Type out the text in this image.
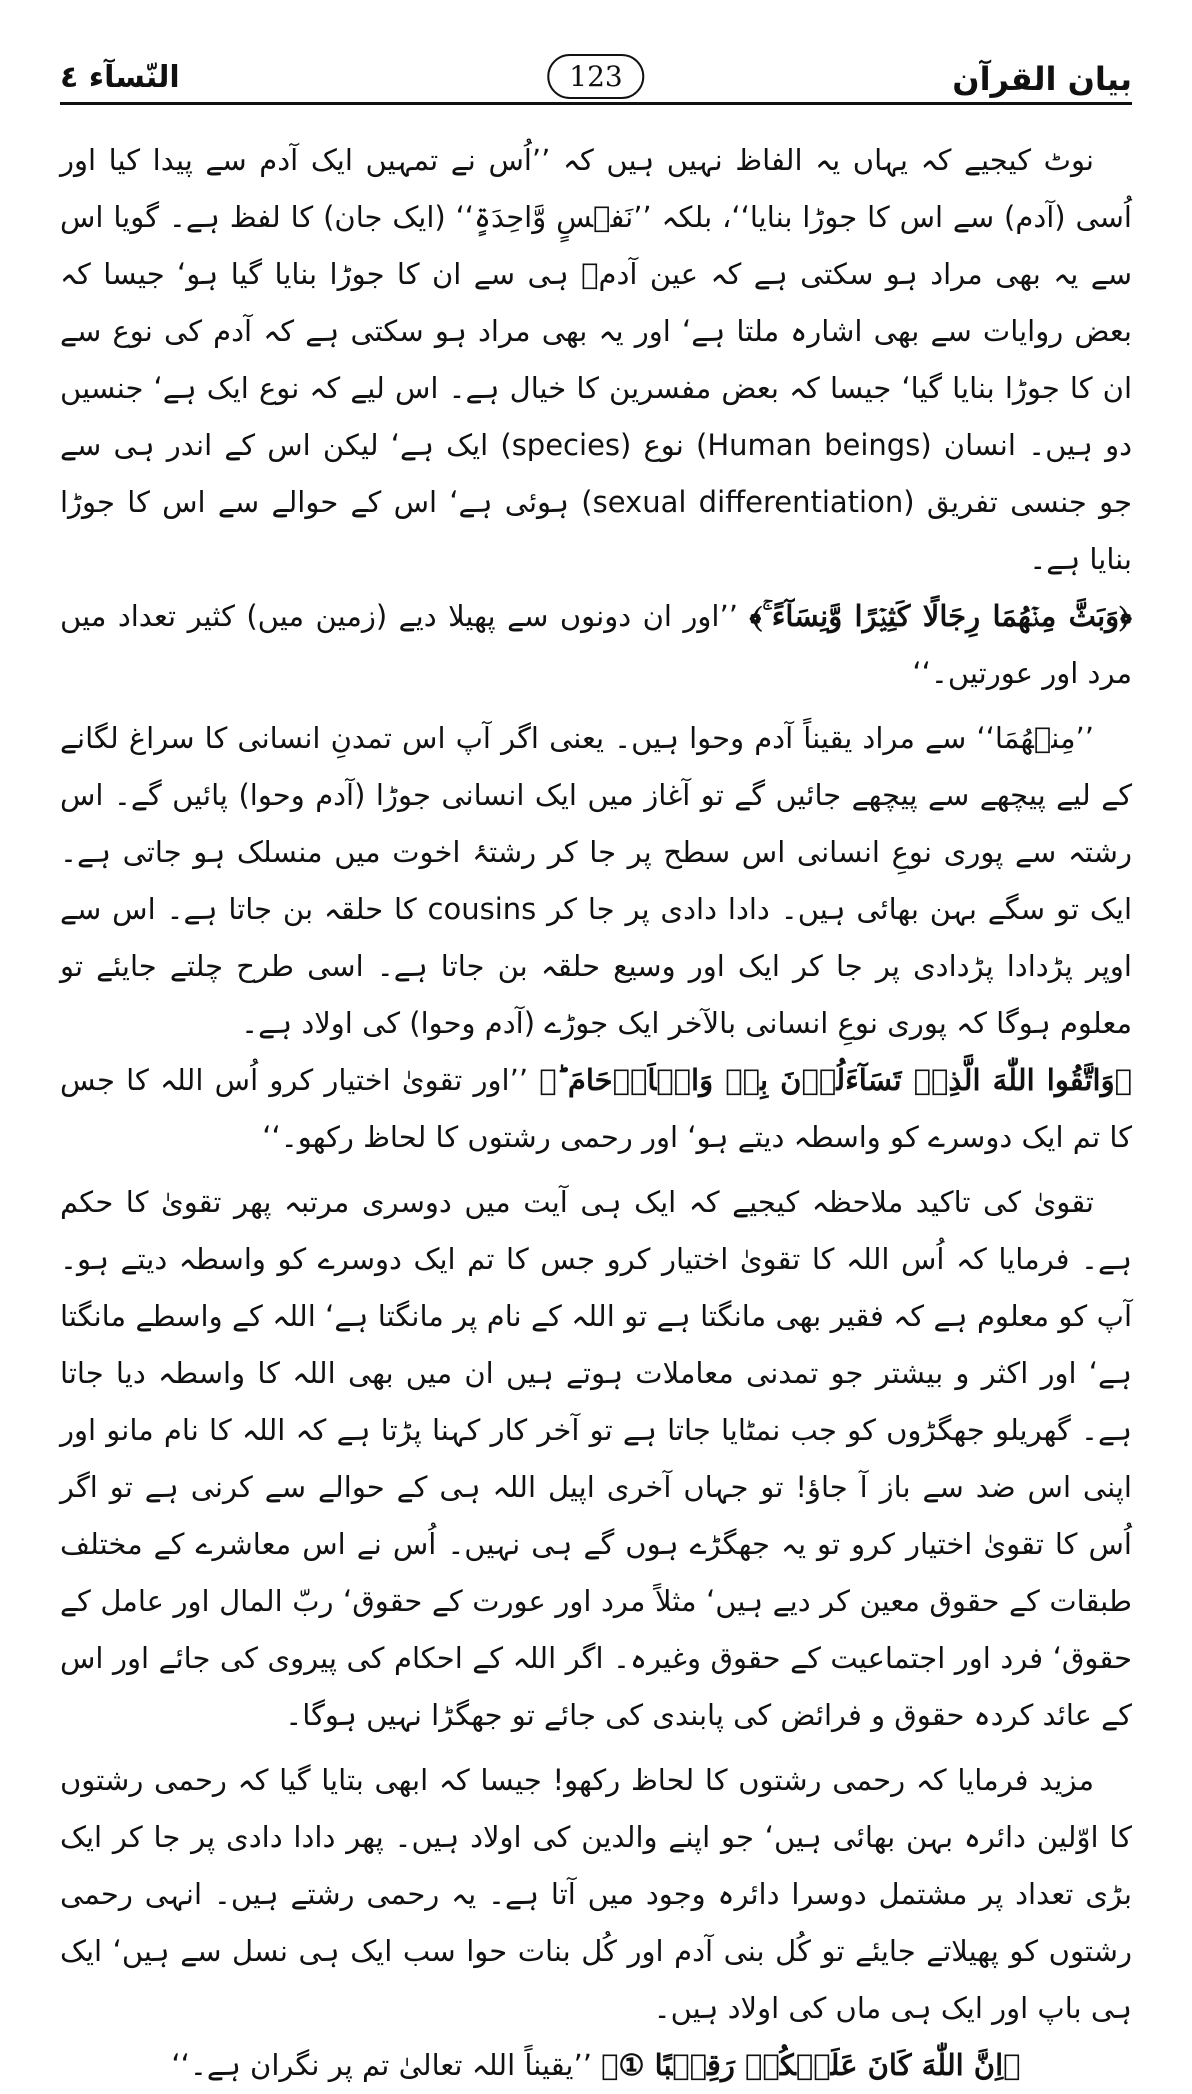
بیان القرآن
123
النّسآء ٤

نوٹ کیجیے کہ یہاں یہ الفاظ نہیں ہیں کہ ’’اُس نے تمہیں ایک آدم سے پیدا کیا اور اُسی (آدم) سے اس کا جوڑا بنایا‘‘، بلکہ ’’نَفۡسٍ وَّاحِدَۃٍ‘‘ (ایک جان) کا لفظ ہے۔ گویا اس سے یہ بھی مراد ہو سکتی ہے کہ عین آدمؑ ہی سے ان کا جوڑا بنایا گیا ہو‘ جیسا کہ بعض روایات سے بھی اشارہ ملتا ہے‘ اور یہ بھی مراد ہو سکتی ہے کہ آدم کی نوع سے ان کا جوڑا بنایا گیا‘ جیسا کہ بعض مفسرین کا خیال ہے۔ اس لیے کہ نوع ایک ہے‘ جنسیں دو ہیں۔ انسان (Human beings) نوع (species) ایک ہے‘ لیکن اس کے اندر ہی سے جو جنسی تفریق (sexual differentiation) ہوئی ہے‘ اس کے حوالے سے اس کا جوڑا بنایا ہے۔

﴿وَبَثَّ مِنۡهُمَا رِجَالًا كَثِيۡرًا وَّنِسَآءً ۚ﴾ ’’اور ان دونوں سے پھیلا دیے (زمین میں) کثیر تعداد میں مرد اور عورتیں۔‘‘

’’مِنۡهُمَا‘‘ سے مراد یقیناً آدم وحوا ہیں۔ یعنی اگر آپ اس تمدنِ انسانی کا سراغ لگانے کے لیے پیچھے سے پیچھے جائیں گے تو آغاز میں ایک انسانی جوڑا (آدم وحوا) پائیں گے۔ اس رشتہ سے پوری نوعِ انسانی اس سطح پر جا کر رشتۂ اخوت میں منسلک ہو جاتی ہے۔ ایک تو سگے بہن بھائی ہیں۔ دادا دادی پر جا کر cousins کا حلقہ بن جاتا ہے۔ اس سے اوپر پڑدادا پڑدادی پر جا کر ایک اور وسیع حلقہ بن جاتا ہے۔ اسی طرح چلتے جایئے تو معلوم ہوگا کہ پوری نوعِ انسانی بالآخر ایک جوڑے (آدم وحوا) کی اولاد ہے۔

﴿وَاتَّقُوا اللّٰهَ الَّذِیۡ تَسَآءَلُوۡنَ بِهٖ وَالۡاَرۡحَامَ ؕ﴾ ’’اور تقویٰ اختیار کرو اُس اللہ کا جس کا تم ایک دوسرے کو واسطہ دیتے ہو‘ اور رحمی رشتوں کا لحاظ رکھو۔‘‘

تقویٰ کی تاکید ملاحظہ کیجیے کہ ایک ہی آیت میں دوسری مرتبہ پھر تقویٰ کا حکم ہے۔ فرمایا کہ اُس اللہ کا تقویٰ اختیار کرو جس کا تم ایک دوسرے کو واسطہ دیتے ہو۔ آپ کو معلوم ہے کہ فقیر بھی مانگتا ہے تو اللہ کے نام پر مانگتا ہے‘ اللہ کے واسطے مانگتا ہے‘ اور اکثر و بیشتر جو تمدنی معاملات ہوتے ہیں ان میں بھی اللہ کا واسطہ دیا جاتا ہے۔ گھریلو جھگڑوں کو جب نمٹایا جاتا ہے تو آخر کار کہنا پڑتا ہے کہ اللہ کا نام مانو اور اپنی اس ضد سے باز آ جاؤ! تو جہاں آخری اپیل اللہ ہی کے حوالے سے کرنی ہے تو اگر اُس کا تقویٰ اختیار کرو تو یہ جھگڑے ہوں گے ہی نہیں۔ اُس نے اس معاشرے کے مختلف طبقات کے حقوق معین کر دیے ہیں‘ مثلاً مرد اور عورت کے حقوق‘ ربّ المال اور عامل کے حقوق‘ فرد اور اجتماعیت کے حقوق وغیرہ۔ اگر اللہ کے احکام کی پیروی کی جائے اور اس کے عائد کردہ حقوق و فرائض کی پابندی کی جائے تو جھگڑا نہیں ہوگا۔

مزید فرمایا کہ رحمی رشتوں کا لحاظ رکھو! جیسا کہ ابھی بتایا گیا کہ رحمی رشتوں کا اوّلین دائرہ بہن بھائی ہیں‘ جو اپنے والدین کی اولاد ہیں۔ پھر دادا دادی پر جا کر ایک بڑی تعداد پر مشتمل دوسرا دائرہ وجود میں آتا ہے۔ یہ رحمی رشتے ہیں۔ انہی رحمی رشتوں کو پھیلاتے جایئے تو کُل بنی آدم اور کُل بنات حوا سب ایک ہی نسل سے ہیں‘ ایک ہی باپ اور ایک ہی ماں کی اولاد ہیں۔

﴿اِنَّ اللّٰهَ كَانَ عَلَيۡكُمۡ رَقِيۡبًا ①﴾ ’’یقیناً اللہ تعالیٰ تم پر نگران ہے۔‘‘
